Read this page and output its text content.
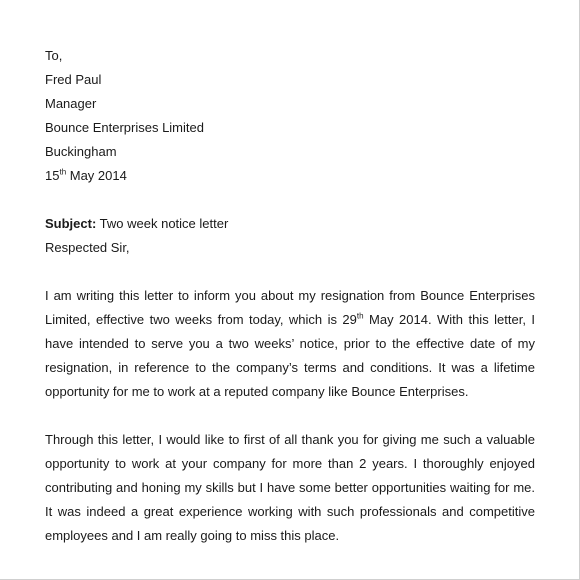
To,
Fred Paul
Manager
Bounce Enterprises Limited
Buckingham
15th May 2014
Subject: Two week notice letter
Respected Sir,

I am writing this letter to inform you about my resignation from Bounce Enterprises Limited, effective two weeks from today, which is 29th May 2014. With this letter, I have intended to serve you a two weeks’ notice, prior to the effective date of my resignation, in reference to the company’s terms and conditions. It was a lifetime opportunity for me to work at a reputed company like Bounce Enterprises.

Through this letter, I would like to first of all thank you for giving me such a valuable opportunity to work at your company for more than 2 years. I thoroughly enjoyed contributing and honing my skills but I have some better opportunities waiting for me. It was indeed a great experience working with such professionals and competitive employees and I am really going to miss this place.
